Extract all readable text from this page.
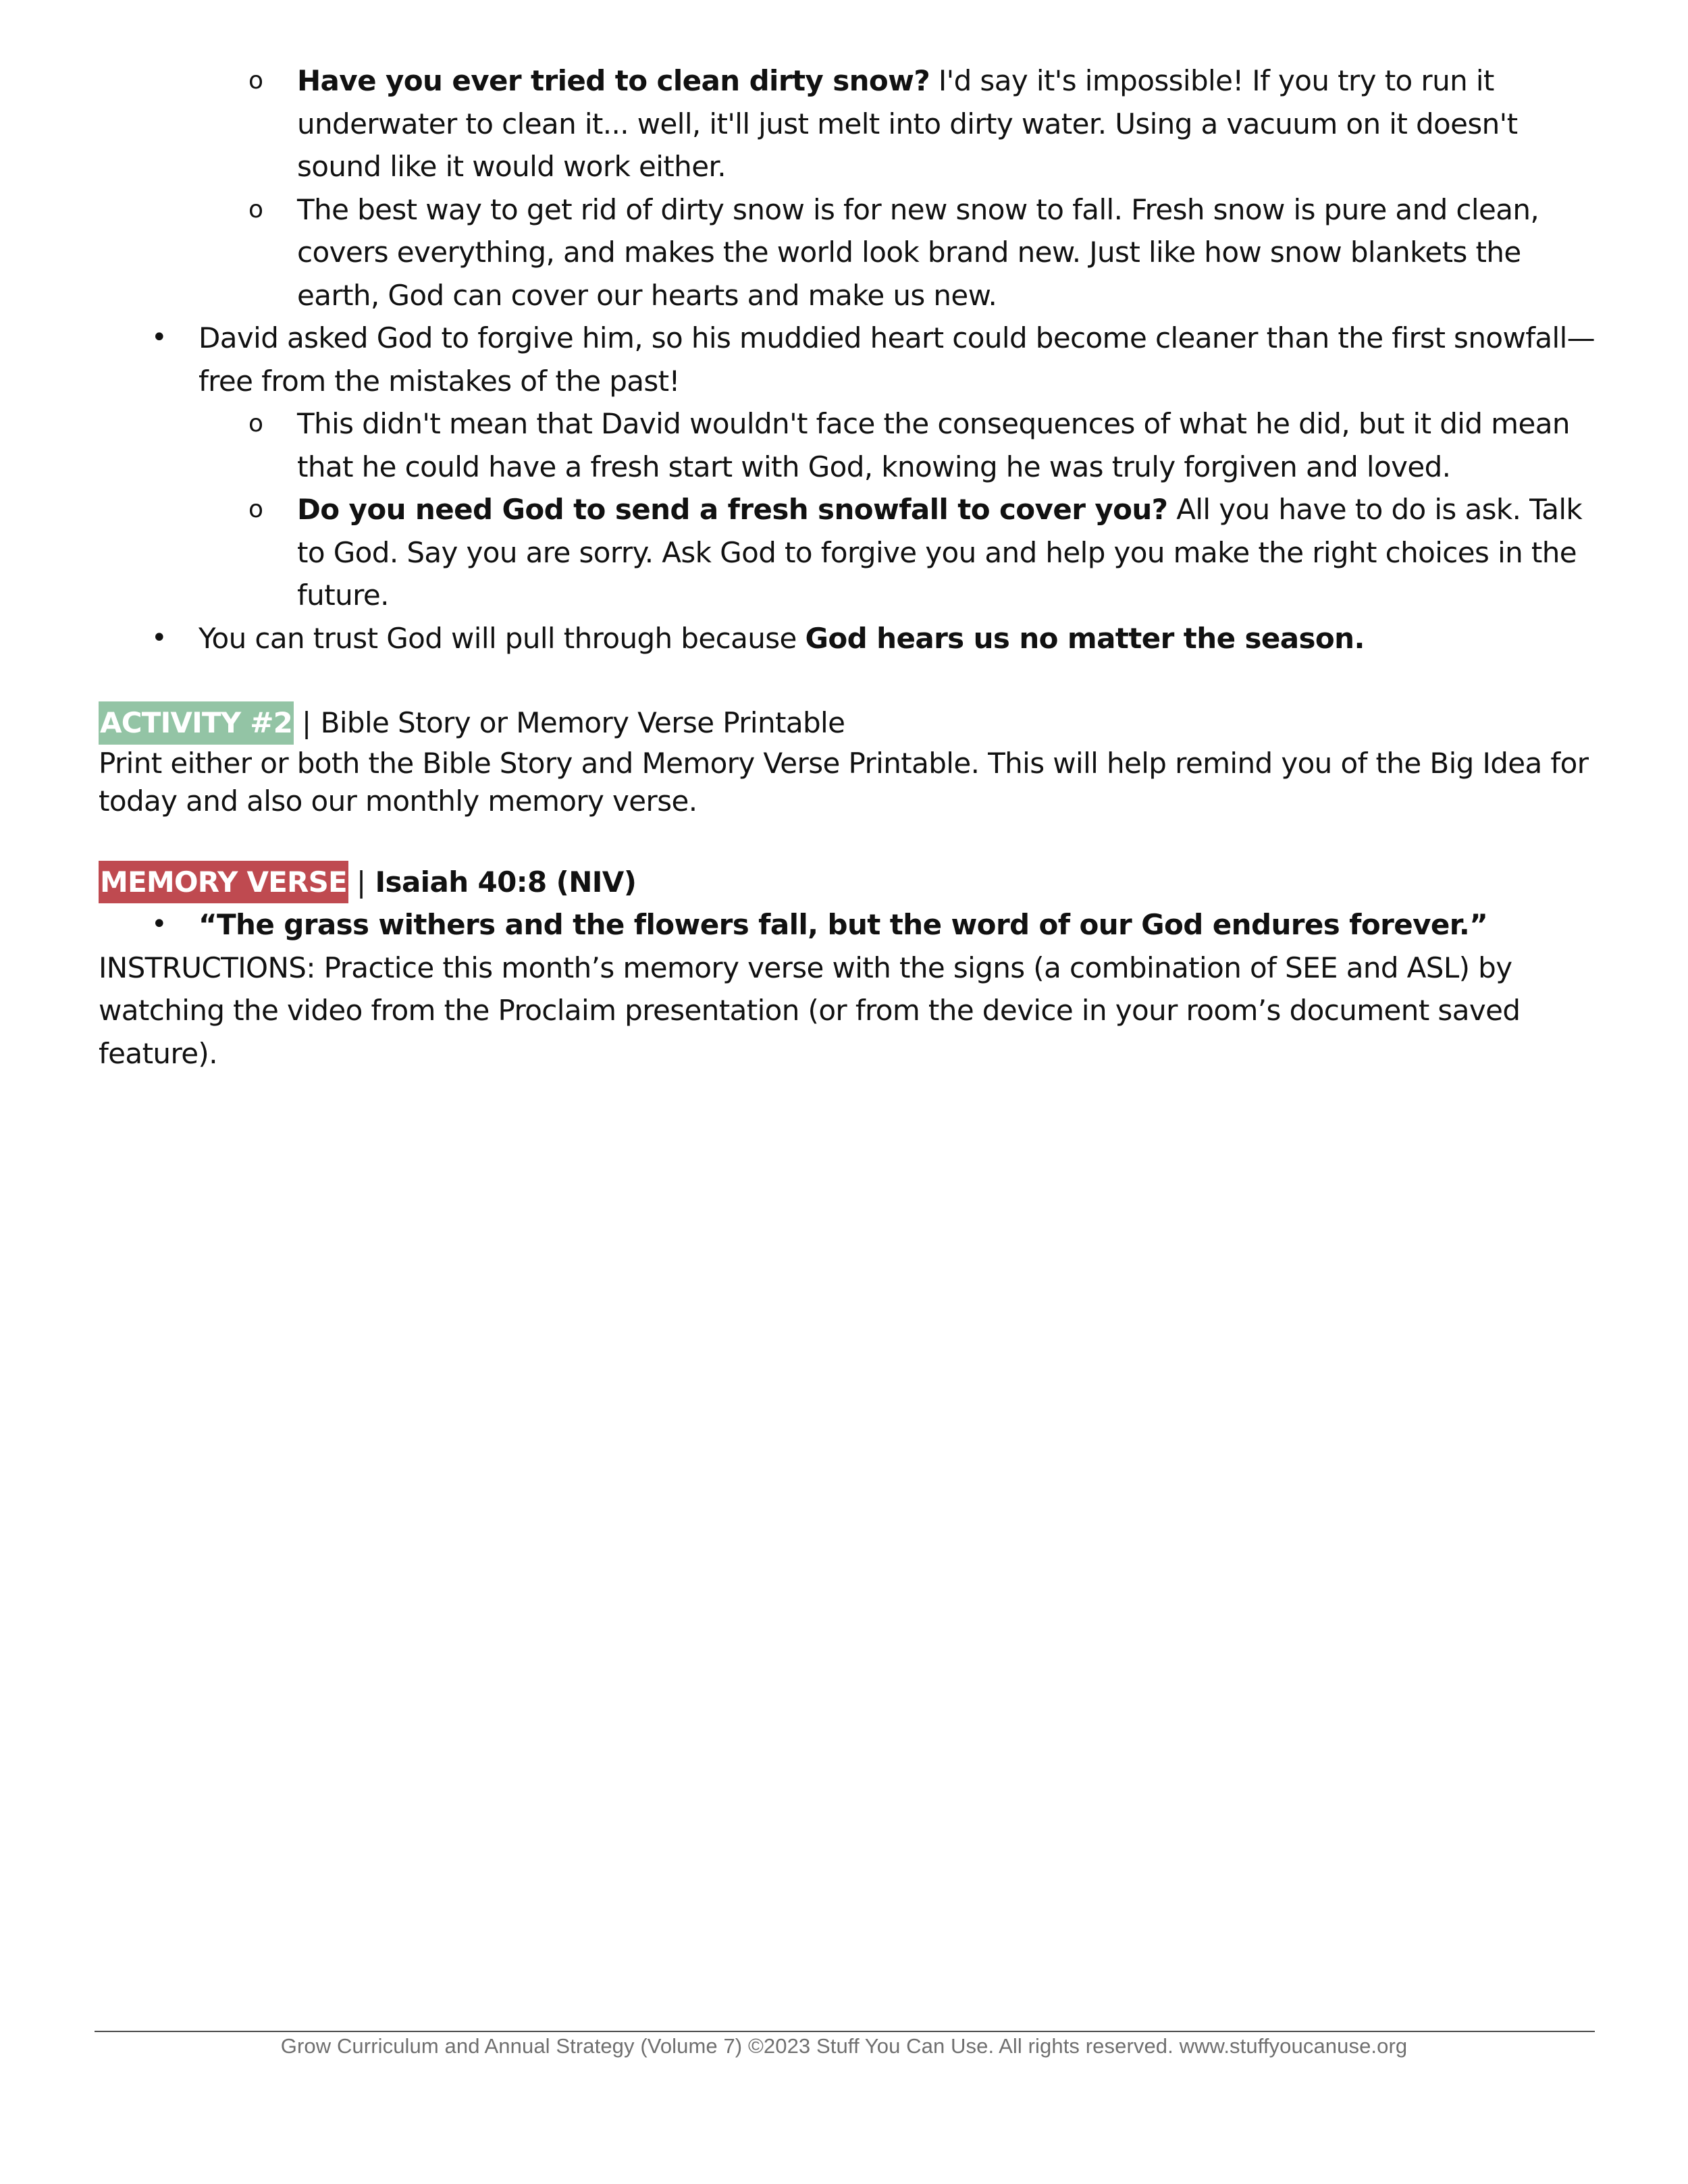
o Have you ever tried to clean dirty snow? I'd say it's impossible! If you try to run it underwater to clean it... well, it'll just melt into dirty water. Using a vacuum on it doesn't sound like it would work either.
o The best way to get rid of dirty snow is for new snow to fall. Fresh snow is pure and clean, covers everything, and makes the world look brand new. Just like how snow blankets the earth, God can cover our hearts and make us new.
• David asked God to forgive him, so his muddied heart could become cleaner than the first snowfall—free from the mistakes of the past!
o This didn't mean that David wouldn't face the consequences of what he did, but it did mean that he could have a fresh start with God, knowing he was truly forgiven and loved.
o Do you need God to send a fresh snowfall to cover you? All you have to do is ask. Talk to God. Say you are sorry. Ask God to forgive you and help you make the right choices in the future.
• You can trust God will pull through because God hears us no matter the season.
ACTIVITY #2 | Bible Story or Memory Verse Printable
Print either or both the Bible Story and Memory Verse Printable. This will help remind you of the Big Idea for today and also our monthly memory verse.
MEMORY VERSE | Isaiah 40:8 (NIV)
• “The grass withers and the flowers fall, but the word of our God endures forever.”
INSTRUCTIONS: Practice this month’s memory verse with the signs (a combination of SEE and ASL) by watching the video from the Proclaim presentation (or from the device in your room’s document saved feature).
Grow Curriculum and Annual Strategy (Volume 7) ©2023 Stuff You Can Use. All rights reserved. www.stuffyoucanuse.org
